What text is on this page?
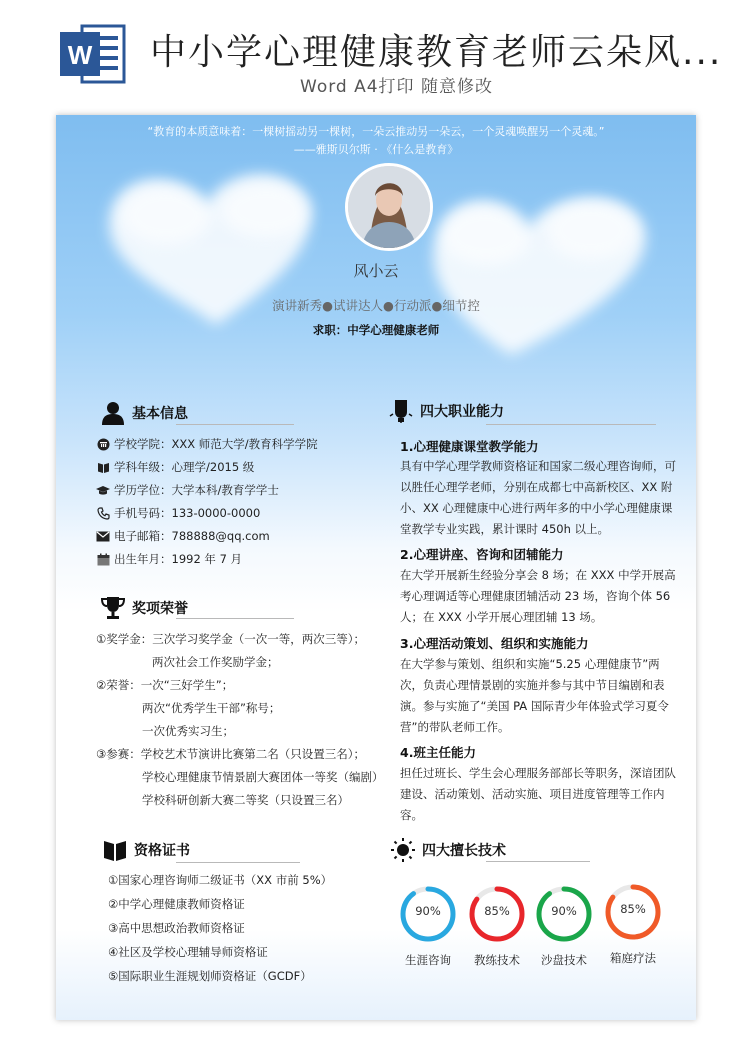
W 中小学心理健康教育老师云朵风...
Word A4打印 随意修改
“教育的本质意味着：一棵树摇动另一棵树，一朵云推动另一朵云，一个灵魂唤醒另一个灵魂。”
——雅斯贝尔斯 · 《什么是教育》
风小云
演讲新秀●试讲达人●行动派●细节控
求职：中学心理健康老师
基本信息
学校学院：XXX 师范大学/教育科学学院
学科年级：心理学/2015 级
学历学位：大学本科/教育学学士
手机号码：133-0000-0000
电子邮箱：788888@qq.com
出生年月：1992 年 7 月
奖项荣誉
①奖学金：三次学习奖学金（一次一等，两次三等）；
两次社会工作奖励学金；
②荣誉：一次“三好学生”；
两次“优秀学生干部”称号；
一次优秀实习生；
③参赛：学校艺术节演讲比赛第二名（只设置三名）；
学校心理健康节情景剧大赛团体一等奖（编剧）
学校科研创新大赛二等奖（只设置三名）
资格证书
①国家心理咨询师二级证书（XX 市前 5%）
②中学心理健康教师资格证
③高中思想政治教师资格证
④社区及学校心理辅导师资格证
⑤国际职业生涯规划师资格证（GCDF）
四大职业能力
1.心理健康课堂教学能力
具有中学心理学教师资格证和国家二级心理咨询师，可以胜任心理学老师，分别在成都七中高新校区、XX 附小、XX 心理健康中心进行两年多的中小学心理健康课堂教学专业实践，累计课时 450h 以上。
2.心理讲座、咨询和团辅能力
在大学开展新生经验分享会 8 场；在 XXX 中学开展高考心理调适等心理健康团辅活动 23 场，咨询个体 56 人；在 XXX 小学开展心理团辅 13 场。
3.心理活动策划、组织和实施能力
在大学参与策划、组织和实施“5.25 心理健康节”两次，负责心理情景剧的实施并参与其中节目编剧和表演。参与实施了“美国 PA 国际青少年体验式学习夏令营”的带队老师工作。
4.班主任能力
担任过班长、学生会心理服务部部长等职务，深谙团队建设、活动策划、活动实施、项目进度管理等工作内容。
四大擅长技术
90%
生涯咨询
85%
教练技术
90%
沙盘技术
85%
箱庭疗法
